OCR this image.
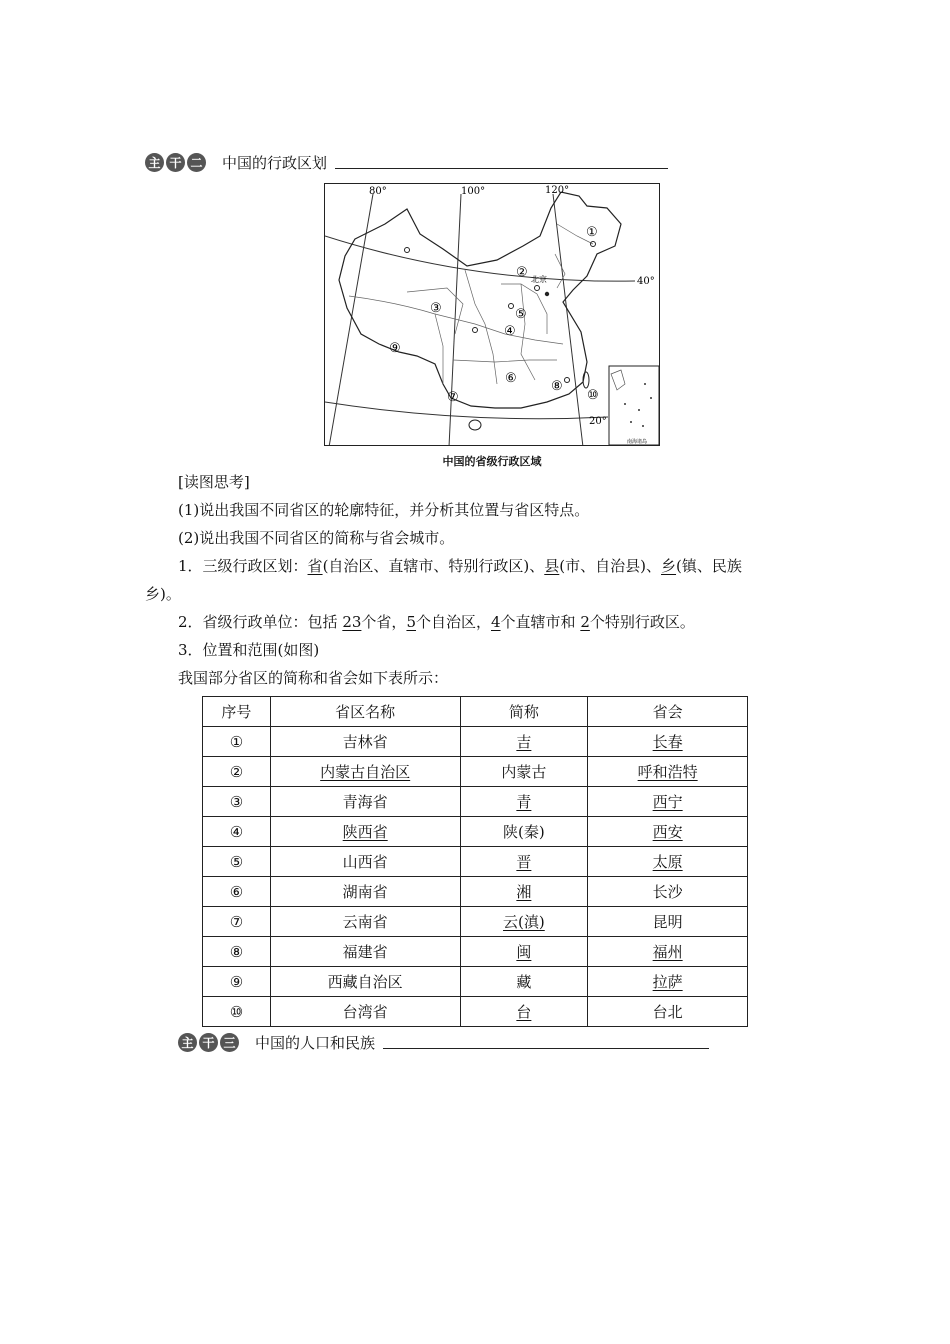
主 干 二 中国的行政区划
80°	100°	120°
40°
20°
北京
南海诸岛
①
②
③
④
⑤
⑥
⑦
⑧
⑨
⑩
中国的省级行政区域
[读图思考]
(1)说出我国不同省区的轮廓特征，并分析其位置与省区特点。
(2)说出我国不同省区的简称与省会城市。
1．三级行政区划：省(自治区、直辖市、特别行政区)、县(市、自治县)、乡(镇、民族
乡)。
2．省级行政单位：包括 23个省，5个自治区，4个直辖市和 2个特别行政区。
3．位置和范围(如图)
我国部分省区的简称和省会如下表所示：
序号	省区名称	简称	省会
①	吉林省	吉	长春
②	内蒙古自治区	内蒙古	呼和浩特
③	青海省	青	西宁
④	陕西省	陕(秦)	西安
⑤	山西省	晋	太原
⑥	湖南省	湘	长沙
⑦	云南省	云(滇)	昆明
⑧	福建省	闽	福州
⑨	西藏自治区	藏	拉萨
⑩	台湾省	台	台北
主 干 三 中国的人口和民族
